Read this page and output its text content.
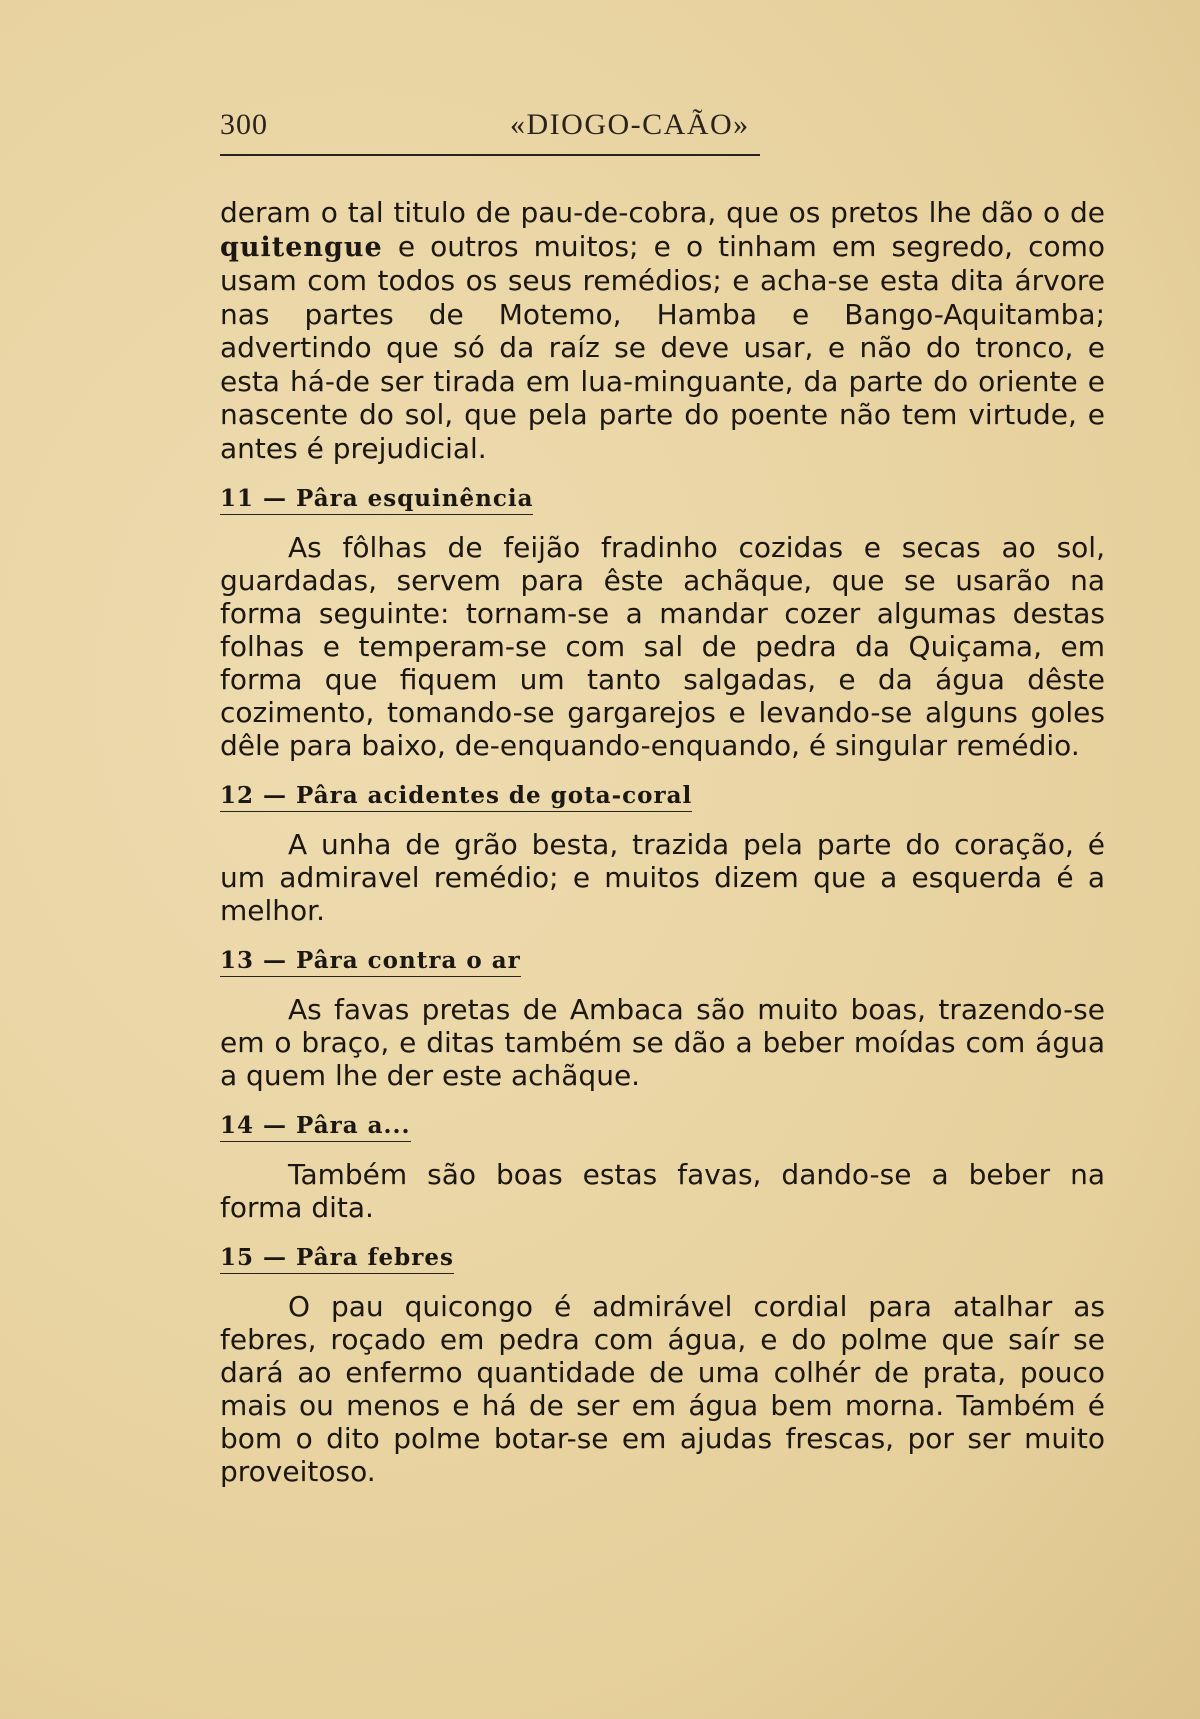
300	«DIOGO-CAÃO»

deram o tal titulo de pau-de-cobra, que os pretos lhe dão o de quitengue e outros muitos; e o tinham em segredo, como usam com todos os seus remédios; e acha-se esta dita árvore nas partes de Motemo, Hamba e Bango-Aquitamba; advertindo que só da raíz se deve usar, e não do tronco, e esta há-de ser tirada em lua-minguante, da parte do oriente e nascente do sol, que pela parte do poente não tem virtude, e antes é prejudicial.

11 — Pâra esquinência

As fôlhas de feijão fradinho cozidas e secas ao sol, guardadas, servem para êste achãque, que se usarão na forma seguinte: tornam-se a mandar cozer algumas destas folhas e temperam-se com sal de pedra da Quiçama, em forma que fiquem um tanto salgadas, e da água dêste cozimento, tomando-se gargarejos e levando-se alguns goles dêle para baixo, de-enquando-enquando, é singular remédio.

12 — Pâra acidentes de gota-coral

A unha de grão besta, trazida pela parte do coração, é um admiravel remédio; e muitos dizem que a esquerda é a melhor.

13 — Pâra contra o ar

As favas pretas de Ambaca são muito boas, trazendo-se em o braço, e ditas também se dão a beber moídas com água a quem lhe der este achãque.

14 — Pâra a...

Também são boas estas favas, dando-se a beber na forma dita.

15 — Pâra febres

O pau quicongo é admirável cordial para atalhar as febres, roçado em pedra com água, e do polme que saír se dará ao enfermo quantidade de uma colhér de prata, pouco mais ou menos e há de ser em água bem morna. Também é bom o dito polme botar-se em ajudas frescas, por ser muito proveitoso.
